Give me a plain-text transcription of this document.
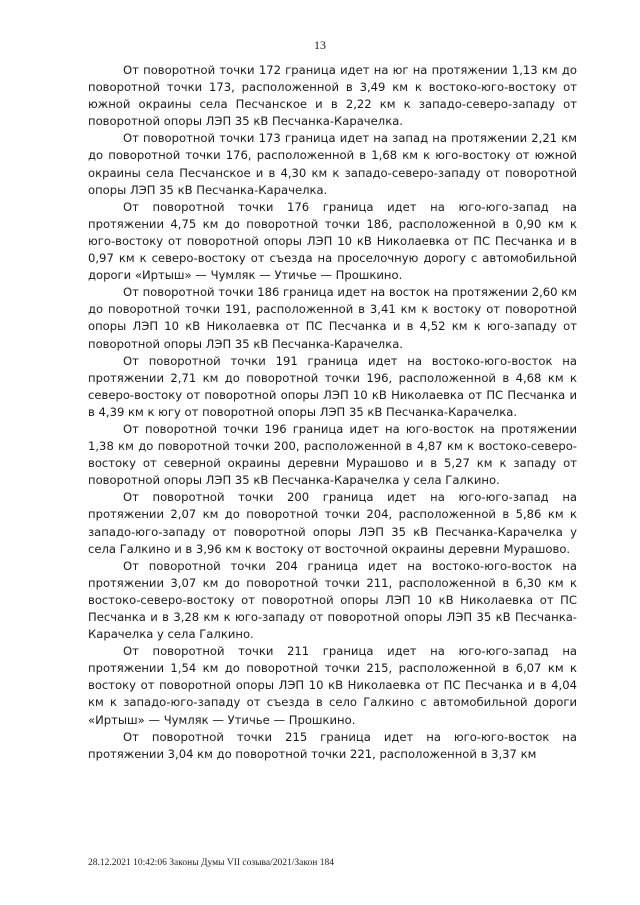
13

От поворотной точки 172 граница идет на юг на протяжении 1,13 км до поворотной точки 173, расположенной в 3,49 км к востоко-юго-востоку от южной окраины села Песчанское и в 2,22 км к западо-северо-западу от поворотной опоры ЛЭП 35 кВ Песчанка-Карачелка.

От поворотной точки 173 граница идет на запад на протяжении 2,21 км до поворотной точки 176, расположенной в 1,68 км к юго-востоку от южной окраины села Песчанское и в 4,30 км к западо-северо-западу от поворотной опоры ЛЭП 35 кВ Песчанка-Карачелка.

От поворотной точки 176 граница идет на юго-юго-запад на протяжении 4,75 км до поворотной точки 186, расположенной в 0,90 км к юго-востоку от поворотной опоры ЛЭП 10 кВ Николаевка от ПС Песчанка и в 0,97 км к северо-востоку от съезда на проселочную дорогу с автомобильной дороги «Иртыш» — Чумляк — Утичье — Прошкино.

От поворотной точки 186 граница идет на восток на протяжении 2,60 км до поворотной точки 191, расположенной в 3,41 км к востоку от поворотной опоры ЛЭП 10 кВ Николаевка от ПС Песчанка и в 4,52 км к юго-западу от поворотной опоры ЛЭП 35 кВ Песчанка-Карачелка.

От поворотной точки 191 граница идет на востоко-юго-восток на протяжении 2,71 км до поворотной точки 196, расположенной в 4,68 км к северо-востоку от поворотной опоры ЛЭП 10 кВ Николаевка от ПС Песчанка и в 4,39 км к югу от поворотной опоры ЛЭП 35 кВ Песчанка-Карачелка.

От поворотной точки 196 граница идет на юго-восток на протяжении 1,38 км до поворотной точки 200, расположенной в 4,87 км к востоко-северо-востоку от северной окраины деревни Мурашово и в 5,27 км к западу от поворотной опоры ЛЭП 35 кВ Песчанка-Карачелка у села Галкино.

От поворотной точки 200 граница идет на юго-юго-запад на протяжении 2,07 км до поворотной точки 204, расположенной в 5,86 км к западо-юго-западу от поворотной опоры ЛЭП 35 кВ Песчанка-Карачелка у села Галкино и в 3,96 км к востоку от восточной окраины деревни Мурашово.

От поворотной точки 204 граница идет на востоко-юго-восток на протяжении 3,07 км до поворотной точки 211, расположенной в 6,30 км к востоко-северо-востоку от поворотной опоры ЛЭП 10 кВ Николаевка от ПС Песчанка и в 3,28 км к юго-западу от поворотной опоры ЛЭП 35 кВ Песчанка-Карачелка у села Галкино.

От поворотной точки 211 граница идет на юго-юго-запад на протяжении 1,54 км до поворотной точки 215, расположенной в 6,07 км к востоку от поворотной опоры ЛЭП 10 кВ Николаевка от ПС Песчанка и в 4,04 км к западо-юго-западу от съезда в село Галкино с автомобильной дороги «Иртыш» — Чумляк — Утичье — Прошкино.

От поворотной точки 215 граница идет на юго-юго-восток на протяжении 3,04 км до поворотной точки 221, расположенной в 3,37 км

28.12.2021 10:42:06 Законы Думы VII созыва/2021/Закон 184
